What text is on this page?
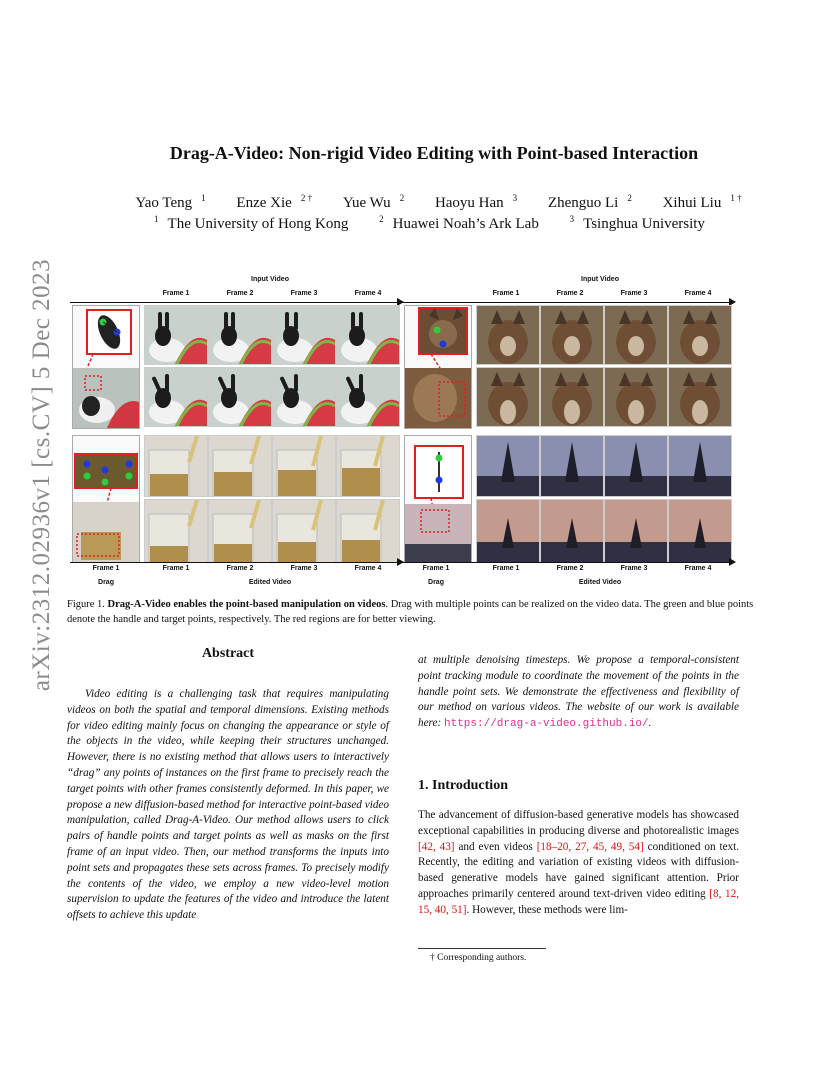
arXiv:2312.02936v1 [cs.CV] 5 Dec 2023
Drag-A-Video: Non-rigid Video Editing with Point-based Interaction
Yao Teng $^1$ Enze Xie $^{2 \dagger}$ Yue Wu $^2$ Haoyu Han $^3$ Zhenguo Li $^2$ Xihui Liu $^{1 \dagger}$
$^1$ The University of Hong Kong	$^2$ Huawei Noah’s Ark Lab	$^3$ Tsinghua University
Input Video
Frame 1	Frame 2	Frame 3	Frame 4
Input Video
Frame 1	Frame 2	Frame 3	Frame 4
Frame 1	Frame 1	Frame 2	Frame 3	Frame 4
Drag	Edited Video
Frame 1	Frame 1	Frame 2	Frame 3	Frame 4
Drag	Edited Video
Figure 1. Drag-A-Video enables the point-based manipulation on videos. Drag with multiple points can be realized on the video data. The green and blue points denote the handle and target points, respectively. The red regions are for better viewing.
Abstract
Video editing is a challenging task that requires manipulating videos on both the spatial and temporal dimensions. Existing methods for video editing mainly focus on changing the appearance or style of the objects in the video, while keeping their structures unchanged. However, there is no existing method that allows users to interactively “drag” any points of instances on the first frame to precisely reach the target points with other frames consistently deformed. In this paper, we propose a new diffusion-based method for interactive point-based video manipulation, called Drag-A-Video. Our method allows users to click pairs of handle points and target points as well as masks on the first frame of an input video. Then, our method transforms the inputs into point sets and propagates these sets across frames. To precisely modify the contents of the video, we employ a new video-level motion supervision to update the features of the video and introduce the latent offsets to achieve this update
at multiple denoising timesteps. We propose a temporal-consistent point tracking module to coordinate the movement of the points in the handle point sets. We demonstrate the effectiveness and flexibility of our method on various videos. The website of our work is available here: https://drag-a-video.github.io/.
1. Introduction
The advancement of diffusion-based generative models has showcased exceptional capabilities in producing diverse and photorealistic images [42, 43] and even videos [18–20, 27, 45, 49, 54] conditioned on text. Recently, the editing and variation of existing videos with diffusion-based generative models have gained significant attention. Prior approaches primarily centered around text-driven video editing [8, 12, 15, 40, 51]. However, these methods were lim-
† Corresponding authors.
